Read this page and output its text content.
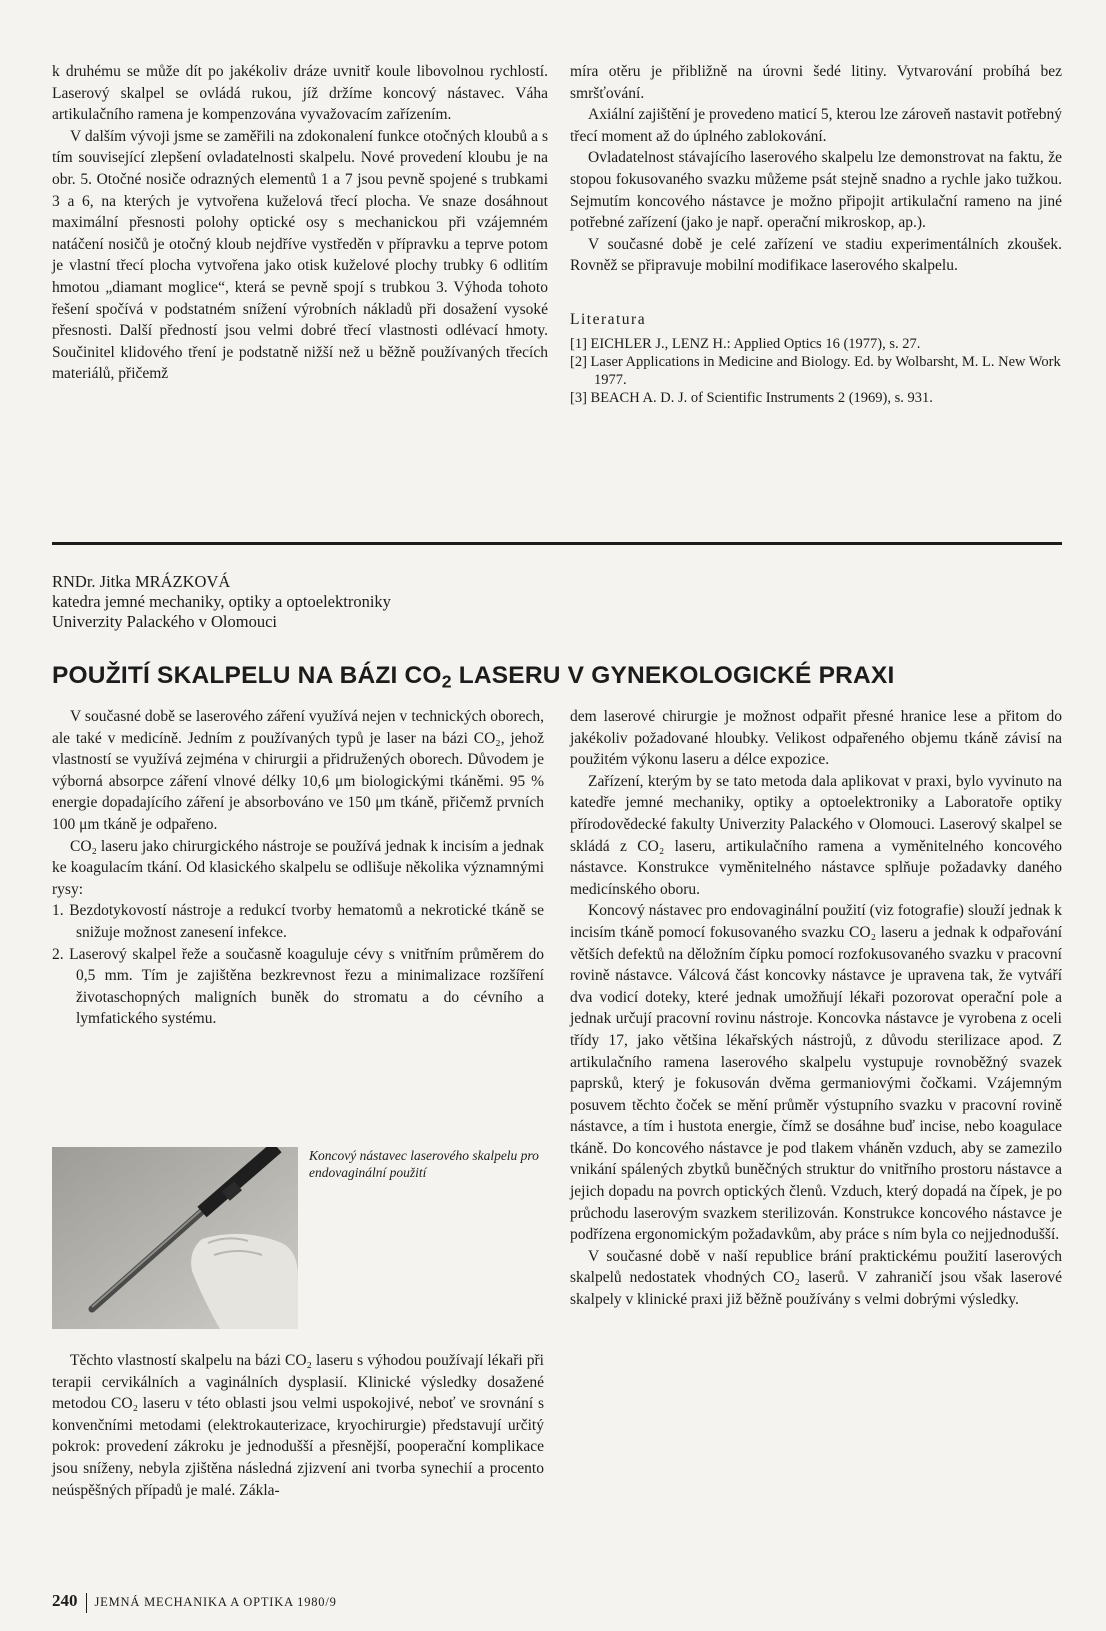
k druhému se může dít po jakékoliv dráze uvnitř koule libovolnou rychlostí. Laserový skalpel se ovládá rukou, jíž držíme koncový nástavec. Váha artikulačního ramena je kompenzována vyvažovacím zařízením.

V dalším vývoji jsme se zaměřili na zdokonalení funkce otočných kloubů a s tím související zlepšení ovladatelnosti skalpelu. Nové provedení kloubu je na obr. 5. Otočné nosiče odrazných elementů 1 a 7 jsou pevně spojené s trubkami 3 a 6, na kterých je vytvořena kuželová třecí plocha. Ve snaze dosáhnout maximální přesnosti polohy optické osy s mechanickou při vzájemném natáčení nosičů je otočný kloub nejdříve vystředěn v přípravku a teprve potom je vlastní třecí plocha vytvořena jako otisk kuželové plochy trubky 6 odlitím hmotou „diamant moglice“, která se pevně spojí s trubkou 3. Výhoda tohoto řešení spočívá v podstatném snížení výrobních nákladů při dosažení vysoké přesnosti. Další předností jsou velmi dobré třecí vlastnosti odlévací hmoty. Součinitel klidového tření je podstatně nižší než u běžně používaných třecích materiálů, přičemž

míra otěru je přibližně na úrovni šedé litiny. Vytvarování probíhá bez smršťování.

Axiální zajištění je provedeno maticí 5, kterou lze zároveň nastavit potřebný třecí moment až do úplného zablokování.

Ovladatelnost stávajícího laserového skalpelu lze demonstrovat na faktu, že stopou fokusovaného svazku můžeme psát stejně snadno a rychle jako tužkou. Sejmutím koncového nástavce je možno připojit artikulační rameno na jiné potřebné zařízení (jako je např. operační mikroskop, ap.).

V současné době je celé zařízení ve stadiu experimentálních zkoušek. Rovněž se připravuje mobilní modifikace laserového skalpelu.

Literatura
[1] EICHLER J., LENZ H.: Applied Optics 16 (1977), s. 27.
[2] Laser Applications in Medicine and Biology. Ed. by Wolbarsht, M. L. New Work 1977.
[3] BEACH A. D. J. of Scientific Instruments 2 (1969), s. 931.
RNDr. Jitka MRÁZKOVÁ
katedra jemné mechaniky, optiky a optoelektroniky
Univerzity Palackého v Olomouci
POUŽITÍ SKALPELU NA BÁZI $CO_2$ LASERU V GYNEKOLOGICKÉ PRAXI

V současné době se laserového záření využívá nejen v technických oborech, ale také v medicíně. Jedním z používaných typů je laser na bázi CO₂, jehož vlastností se využívá zejména v chirurgii a přidružených oborech. Důvodem je výborná absorpce záření vlnové délky 10,6 μm biologickými tkáněmi. 95 % energie dopadajícího záření je absorbováno ve 150 μm tkáně, přičemž prvních 100 μm tkáně je odpařeno.

CO₂ laseru jako chirurgického nástroje se používá jednak k incisím a jednak ke koagulacím tkání. Od klasického skalpelu se odlišuje několika významnými rysy:

1. Bezdotykovostí nástroje a redukcí tvorby hematomů a nekrotické tkáně se snižuje možnost zanesení infekce.
2. Laserový skalpel řeže a současně koaguluje cévy s vnitřním průměrem do 0,5 mm. Tím je zajištěna bezkrevnost řezu a minimalizace rozšíření životaschopných maligních buněk do stromatu a do cévního a lymfatického systému.
Koncový nástavec laserového skalpelu pro endovaginální použití

Těchto vlastností skalpelu na bázi CO₂ laseru s výhodou používají lékaři při terapii cervikálních a vaginálních dysplasií. Klinické výsledky dosažené metodou CO₂ laseru v této oblasti jsou velmi uspokojivé, neboť ve srovnání s konvenčními metodami (elektrokauterizace, kryochirurgie) představují určitý pokrok: provedení zákroku je jednodušší a přesnější, pooperační komplikace jsou sníženy, nebyla zjištěna následná zjizvení ani tvorba synechií a procento neúspěšných případů je malé. Zákla-

dem laserové chirurgie je možnost odpařit přesné hranice lese a přitom do jakékoliv požadované hloubky. Velikost odpařeného objemu tkáně závisí na použitém výkonu laseru a délce expozice.

Zařízení, kterým by se tato metoda dala aplikovat v praxi, bylo vyvinuto na katedře jemné mechaniky, optiky a optoelektroniky a Laboratoře optiky přírodovědecké fakulty Univerzity Palackého v Olomouci. Laserový skalpel se skládá z CO₂ laseru, artikulačního ramena a vyměnitelného koncového nástavce. Konstrukce vyměnitelného nástavce splňuje požadavky daného medicínského oboru.

Koncový nástavec pro endovaginální použití (viz fotografie) slouží jednak k incisím tkáně pomocí fokusovaného svazku CO₂ laseru a jednak k odpařování větších defektů na děložním čípku pomocí rozfokusovaného svazku v pracovní rovině nástavce. Válcová část koncovky nástavce je upravena tak, že vytváří dva vodicí doteky, které jednak umožňují lékaři pozorovat operační pole a jednak určují pracovní rovinu nástroje. Koncovka nástavce je vyrobena z oceli třídy 17, jako většina lékařských nástrojů, z důvodu sterilizace apod. Z artikulačního ramena laserového skalpelu vystupuje rovnoběžný svazek paprsků, který je fokusován dvěma germaniovými čočkami. Vzájemným posuvem těchto čoček se mění průměr výstupního svazku v pracovní rovině nástavce, a tím i hustota energie, čímž se dosáhne buď incise, nebo koagulace tkáně. Do koncového nástavce je pod tlakem vháněn vzduch, aby se zamezilo vnikání spálených zbytků buněčných struktur do vnitřního prostoru nástavce a jejich dopadu na povrch optických členů. Vzduch, který dopadá na čípek, je po průchodu laserovým svazkem sterilizován. Konstrukce koncového nástavce je podřízena ergonomickým požadavkům, aby práce s ním byla co nejjednodušší.

V současné době v naší republice brání praktickému použití laserových skalpelů nedostatek vhodných CO₂ laserů. V zahraničí jsou však laserové skalpely v klinické praxi již běžně používány s velmi dobrými výsledky.

240 JEMNÁ MECHANIKA A OPTIKA 1980/9
